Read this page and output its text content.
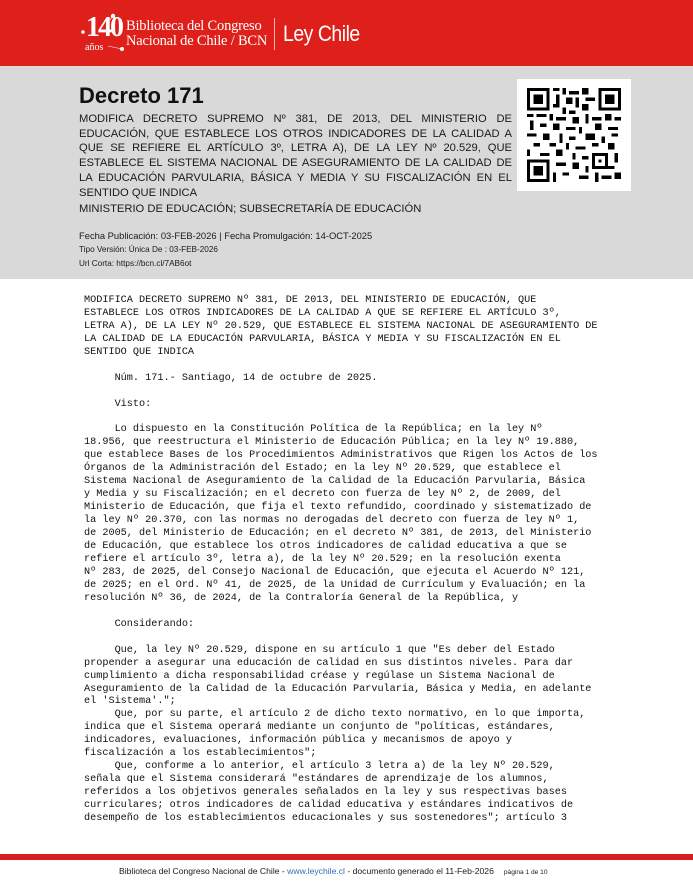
140
años
Biblioteca del Congreso
Nacional de Chile / BCN Ley Chile
Decreto 171

MODIFICA DECRETO SUPREMO Nº 381, DE 2013, DEL MINISTERIO DE EDUCACIÓN, QUE ESTABLECE LOS OTROS INDICADORES DE LA CALIDAD A QUE SE REFIERE EL ARTÍCULO 3º, LETRA A), DE LA LEY Nº 20.529, QUE ESTABLECE EL SISTEMA NACIONAL DE ASEGURAMIENTO DE LA CALIDAD DE LA EDUCACIÓN PARVULARIA, BÁSICA Y MEDIA Y SU FISCALIZACIÓN EN EL SENTIDO QUE INDICA

MINISTERIO DE EDUCACIÓN; SUBSECRETARÍA DE EDUCACIÓN
Fecha Publicación: 03-FEB-2026 | Fecha Promulgación: 14-OCT-2025
Tipo Versión: Única De : 03-FEB-2026
Url Corta: https://bcn.cl/7AB6ot
MODIFICA DECRETO SUPREMO Nº 381, DE 2013, DEL MINISTERIO DE EDUCACIÓN, QUE
ESTABLECE LOS OTROS INDICADORES DE LA CALIDAD A QUE SE REFIERE EL ARTÍCULO 3º,
LETRA A), DE LA LEY Nº 20.529, QUE ESTABLECE EL SISTEMA NACIONAL DE ASEGURAMIENTO DE
LA CALIDAD DE LA EDUCACIÓN PARVULARIA, BÁSICA Y MEDIA Y SU FISCALIZACIÓN EN EL
SENTIDO QUE INDICA
Núm. 171.- Santiago, 14 de octubre de 2025.
Visto:
Lo dispuesto en la Constitución Política de la República; en la ley Nº
18.956, que reestructura el Ministerio de Educación Pública; en la ley Nº 19.880,
que establece Bases de los Procedimientos Administrativos que Rigen los Actos de los
Órganos de la Administración del Estado; en la ley Nº 20.529, que establece el
Sistema Nacional de Aseguramiento de la Calidad de la Educación Parvularia, Básica
y Media y su Fiscalización; en el decreto con fuerza de ley Nº 2, de 2009, del
Ministerio de Educación, que fija el texto refundido, coordinado y sistematizado de
la ley Nº 20.370, con las normas no derogadas del decreto con fuerza de ley Nº 1,
de 2005, del Ministerio de Educación; en el decreto Nº 381, de 2013, del Ministerio
de Educación, que establece los otros indicadores de calidad educativa a que se
refiere el artículo 3º, letra a), de la ley Nº 20.529; en la resolución exenta
Nº 283, de 2025, del Consejo Nacional de Educación, que ejecuta el Acuerdo Nº 121,
de 2025; en el Ord. Nº 41, de 2025, de la Unidad de Currículum y Evaluación; en la
resolución Nº 36, de 2024, de la Contraloría General de la República, y
Considerando:
Que, la ley Nº 20.529, dispone en su artículo 1 que "Es deber del Estado
propender a asegurar una educación de calidad en sus distintos niveles. Para dar
cumplimiento a dicha responsabilidad créase y regúlase un Sistema Nacional de
Aseguramiento de la Calidad de la Educación Parvularia, Básica y Media, en adelante
el 'Sistema'.";
Que, por su parte, el artículo 2 de dicho texto normativo, en lo que importa,
indica que el Sistema operará mediante un conjunto de "políticas, estándares,
indicadores, evaluaciones, información pública y mecanismos de apoyo y
fiscalización a los establecimientos";
Que, conforme a lo anterior, el artículo 3 letra a) de la ley Nº 20.529,
señala que el Sistema considerará "estándares de aprendizaje de los alumnos,
referidos a los objetivos generales señalados en la ley y sus respectivas bases
curriculares; otros indicadores de calidad educativa y estándares indicativos de
desempeño de los establecimientos educacionales y sus sostenedores"; artículo 3
Biblioteca del Congreso Nacional de Chile - www.leychile.cl - documento generado el 11-Feb-2026 página 1 de 10
